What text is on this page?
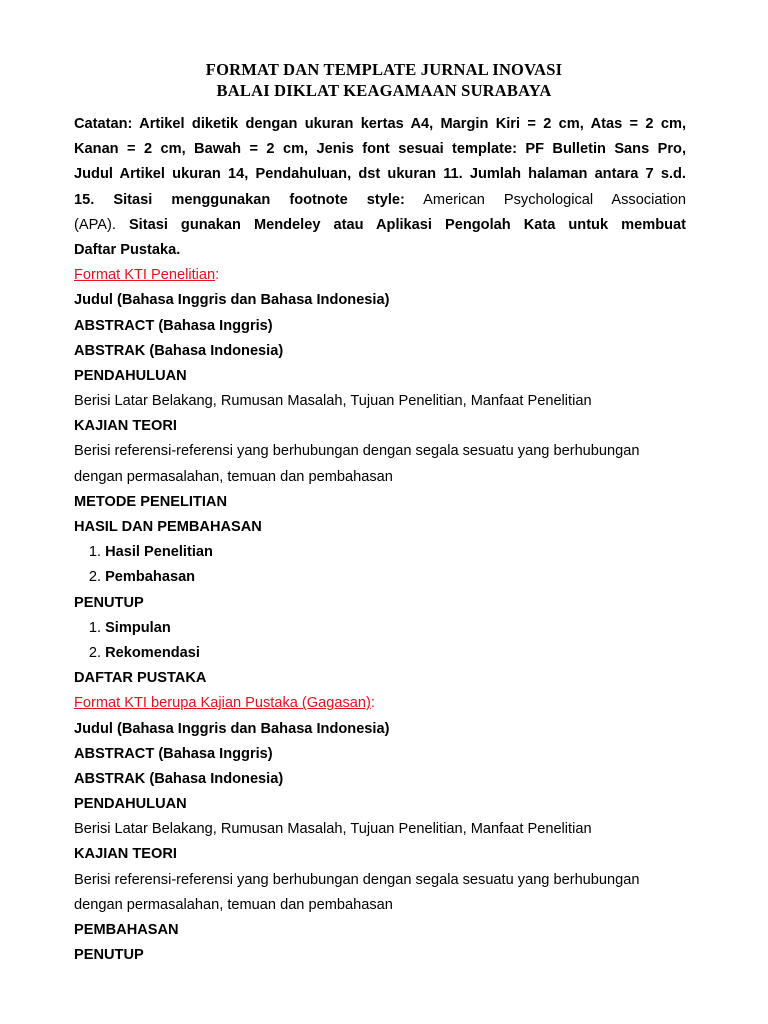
FORMAT DAN TEMPLATE JURNAL INOVASI
BALAI DIKLAT KEAGAMAAN SURABAYA
Catatan: Artikel diketik dengan ukuran kertas A4, Margin Kiri = 2 cm, Atas = 2 cm,
Kanan = 2 cm, Bawah = 2 cm, Jenis font sesuai template: PF Bulletin Sans Pro,
Judul Artikel ukuran 14, Pendahuluan, dst ukuran 11. Jumlah halaman antara 7 s.d.
15. Sitasi menggunakan footnote style: American Psychological Association
(APA). Sitasi gunakan Mendeley atau Aplikasi Pengolah Kata untuk membuat
Daftar Pustaka.
Format KTI Penelitian:
Judul (Bahasa Inggris dan Bahasa Indonesia)
ABSTRACT (Bahasa Inggris)
ABSTRAK (Bahasa Indonesia)
PENDAHULUAN
Berisi Latar Belakang, Rumusan Masalah, Tujuan Penelitian, Manfaat Penelitian
KAJIAN TEORI
Berisi referensi-referensi yang berhubungan dengan segala sesuatu yang berhubungan
dengan permasalahan, temuan dan pembahasan
METODE PENELITIAN
HASIL DAN PEMBAHASAN
1. Hasil Penelitian
2. Pembahasan
PENUTUP
1. Simpulan
2. Rekomendasi
DAFTAR PUSTAKA
Format KTI berupa Kajian Pustaka (Gagasan):
Judul (Bahasa Inggris dan Bahasa Indonesia)
ABSTRACT (Bahasa Inggris)
ABSTRAK (Bahasa Indonesia)
PENDAHULUAN
Berisi Latar Belakang, Rumusan Masalah, Tujuan Penelitian, Manfaat Penelitian
KAJIAN TEORI
Berisi referensi-referensi yang berhubungan dengan segala sesuatu yang berhubungan
dengan permasalahan, temuan dan pembahasan
PEMBAHASAN
PENUTUP
